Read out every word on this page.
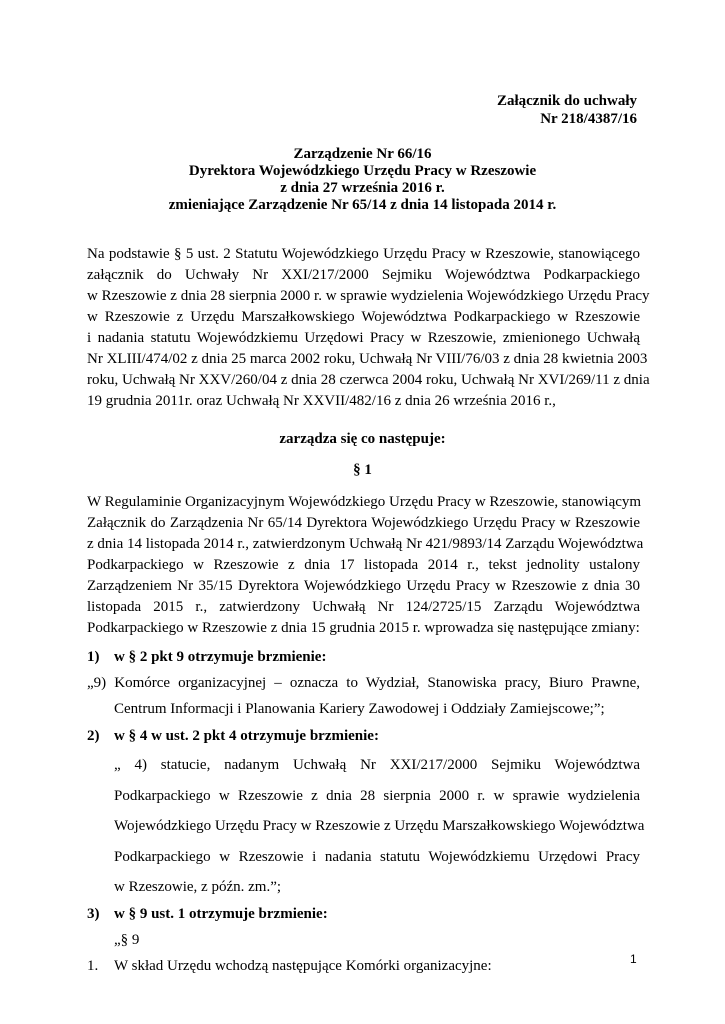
Załącznik do uchwały
Nr 218/4387/16
Zarządzenie Nr 66/16
Dyrektora Wojewódzkiego Urzędu Pracy w Rzeszowie
z dnia 27 września 2016 r.
zmieniające Zarządzenie Nr 65/14 z dnia 14 listopada 2014 r.
Na podstawie § 5 ust. 2 Statutu Wojewódzkiego Urzędu Pracy w Rzeszowie, stanowiącego
załącznik do Uchwały Nr XXI/217/2000 Sejmiku Województwa Podkarpackiego
w Rzeszowie z dnia 28 sierpnia 2000 r. w sprawie wydzielenia Wojewódzkiego Urzędu Pracy
w Rzeszowie z Urzędu Marszałkowskiego Województwa Podkarpackiego w Rzeszowie
i nadania statutu Wojewódzkiemu Urzędowi Pracy w Rzeszowie, zmienionego Uchwałą
Nr XLIII/474/02 z dnia 25 marca 2002 roku, Uchwałą Nr VIII/76/03 z dnia 28 kwietnia 2003
roku, Uchwałą Nr XXV/260/04 z dnia 28 czerwca 2004 roku, Uchwałą Nr XVI/269/11 z dnia
19 grudnia 2011r. oraz Uchwałą Nr XXVII/482/16 z dnia 26 września 2016 r.,
zarządza się co następuje:
§ 1
W Regulaminie Organizacyjnym Wojewódzkiego Urzędu Pracy w Rzeszowie, stanowiącym
Załącznik do Zarządzenia Nr 65/14 Dyrektora Wojewódzkiego Urzędu Pracy w Rzeszowie
z dnia 14 listopada 2014 r., zatwierdzonym Uchwałą Nr 421/9893/14 Zarządu Województwa
Podkarpackiego w Rzeszowie z dnia 17 listopada 2014 r., tekst jednolity ustalony
Zarządzeniem Nr 35/15 Dyrektora Wojewódzkiego Urzędu Pracy w Rzeszowie z dnia 30
listopada 2015 r., zatwierdzony Uchwałą Nr 124/2725/15 Zarządu Województwa
Podkarpackiego w Rzeszowie z dnia 15 grudnia 2015 r. wprowadza się następujące zmiany:
1) w § 2 pkt 9 otrzymuje brzmienie:
„9) Komórce organizacyjnej – oznacza to Wydział, Stanowiska pracy, Biuro Prawne,
Centrum Informacji i Planowania Kariery Zawodowej i Oddziały Zamiejscowe;”;
2) w § 4 w ust. 2 pkt 4 otrzymuje brzmienie:
„ 4) statucie, nadanym Uchwałą Nr XXI/217/2000 Sejmiku Województwa
Podkarpackiego w Rzeszowie z dnia 28 sierpnia 2000 r. w sprawie wydzielenia
Wojewódzkiego Urzędu Pracy w Rzeszowie z Urzędu Marszałkowskiego Województwa
Podkarpackiego w Rzeszowie i nadania statutu Wojewódzkiemu Urzędowi Pracy
w Rzeszowie, z późn. zm.”;
3) w § 9 ust. 1 otrzymuje brzmienie:
„§ 9
1. W skład Urzędu wchodzą następujące Komórki organizacyjne:	1
